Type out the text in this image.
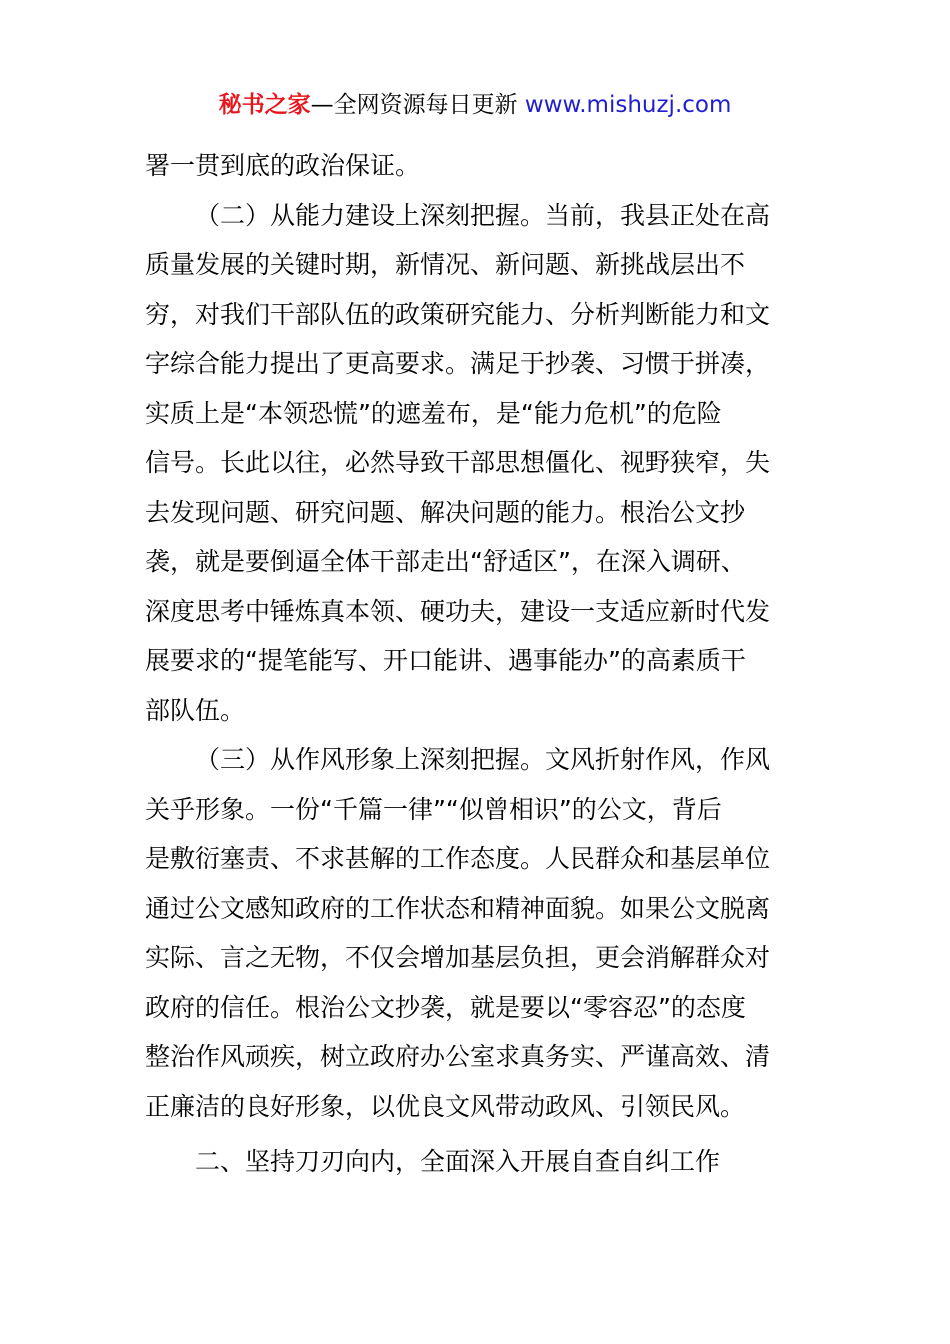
秘书之家—全网资源每日更新 www.mishuzj.com
署一贯到底的政治保证。
（二）从能力建设上深刻把握。当前，我县正处在高
质量发展的关键时期，新情况、新问题、新挑战层出不
穷，对我们干部队伍的政策研究能力、分析判断能力和文
字综合能力提出了更高要求。满足于抄袭、习惯于拼凑，
实质上是“本领恐慌”的遮羞布，是“能力危机”的危险
信号。长此以往，必然导致干部思想僵化、视野狭窄，失
去发现问题、研究问题、解决问题的能力。根治公文抄
袭，就是要倒逼全体干部走出“舒适区”，在深入调研、
深度思考中锤炼真本领、硬功夫，建设一支适应新时代发
展要求的“提笔能写、开口能讲、遇事能办”的高素质干
部队伍。
（三）从作风形象上深刻把握。文风折射作风，作风
关乎形象。一份“千篇一律”“似曾相识”的公文，背后
是敷衍塞责、不求甚解的工作态度。人民群众和基层单位
通过公文感知政府的工作状态和精神面貌。如果公文脱离
实际、言之无物，不仅会增加基层负担，更会消解群众对
政府的信任。根治公文抄袭，就是要以“零容忍”的态度
整治作风顽疾，树立政府办公室求真务实、严谨高效、清
正廉洁的良好形象，以优良文风带动政风、引领民风。
二、坚持刀刃向内，全面深入开展自查自纠工作
